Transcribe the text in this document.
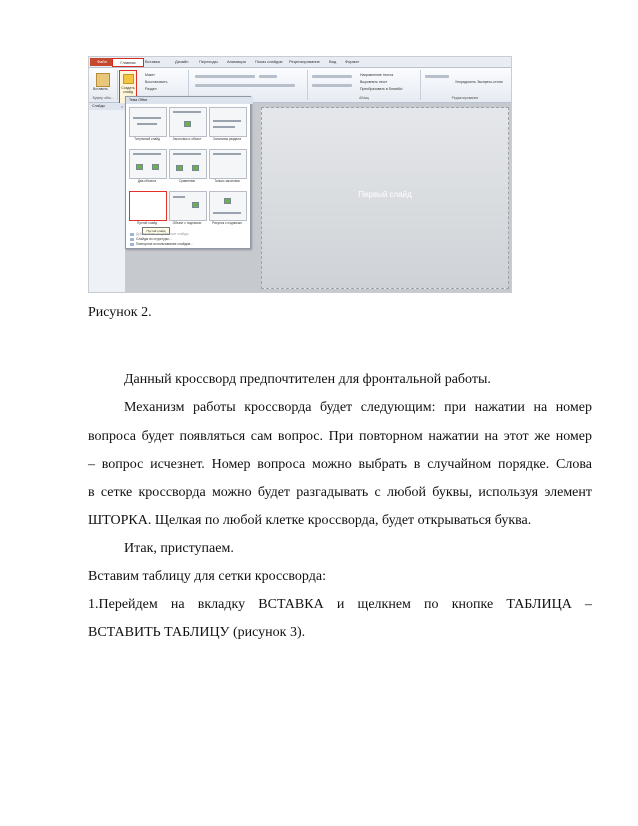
Файл	Главная	Вставка	Дизайн	Переходы	Анимация	Показ слайдов	Рецензирование	Вид	Формат
Вставить
Буфер обм...
Макет
Восстановить
Раздел
Направление текста
Выровнять текст
Преобразовать в SmartArt
Абзац
Упорядочить Экспресс-стили
Редактирование
Создать слайд
Слайды	×
Первый слайд
Тема Office
Титульный слайд	Заголовок и объект	Заголовок раздела
Два объекта	Сравнение	Только заголовок
Пустой слайд	Объект с подписью	Рисунок с подписью
Пустой слайд
Дублировать выделенные слайды
Слайды из структуры...
Повторное использование слайдов...
Рисунок 2.
Данный кроссворд предпочтителен для фронтальной работы.
Механизм работы кроссворда будет следующим: при нажатии на номер
вопроса будет появляться сам вопрос. При повторном нажатии на этот же номер
– вопрос исчезнет. Номер вопроса можно выбрать в случайном порядке. Слова
в сетке кроссворда можно будет разгадывать с любой буквы, используя элемент
ШТОРКА. Щелкая по любой клетке кроссворда, будет открываться буква.
Итак, приступаем.
Вставим таблицу для сетки кроссворда:
1.Перейдем на вкладку ВСТАВКА и щелкнем по кнопке ТАБЛИЦА –
ВСТАВИТЬ ТАБЛИЦУ (рисунок 3).
